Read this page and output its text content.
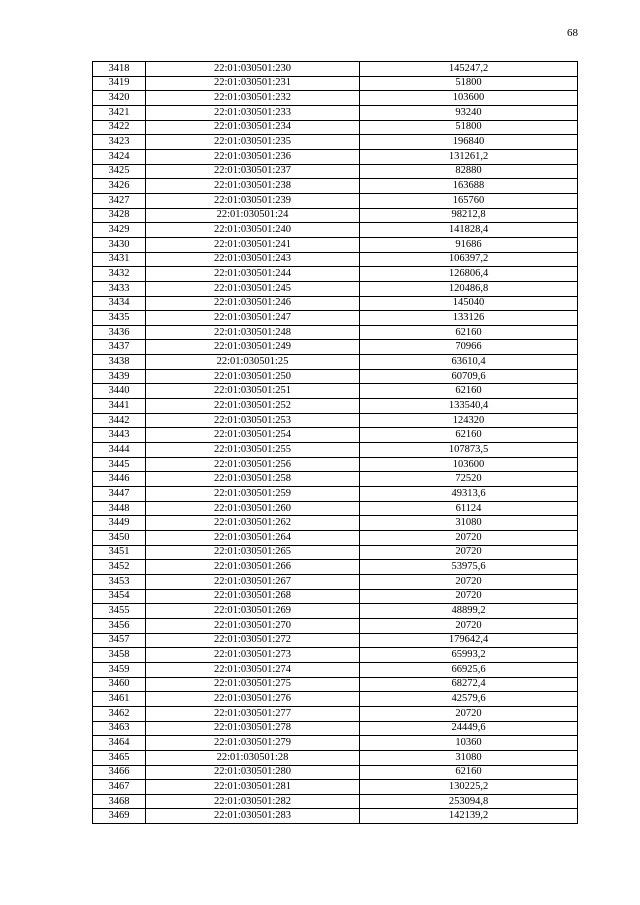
68
3418	22:01:030501:230	145247,2
3419	22:01:030501:231	51800
3420	22:01:030501:232	103600
3421	22:01:030501:233	93240
3422	22:01:030501:234	51800
3423	22:01:030501:235	196840
3424	22:01:030501:236	131261,2
3425	22:01:030501:237	82880
3426	22:01:030501:238	163688
3427	22:01:030501:239	165760
3428	22:01:030501:24	98212,8
3429	22:01:030501:240	141828,4
3430	22:01:030501:241	91686
3431	22:01:030501:243	106397,2
3432	22:01:030501:244	126806,4
3433	22:01:030501:245	120486,8
3434	22:01:030501:246	145040
3435	22:01:030501:247	133126
3436	22:01:030501:248	62160
3437	22:01:030501:249	70966
3438	22:01:030501:25	63610,4
3439	22:01:030501:250	60709,6
3440	22:01:030501:251	62160
3441	22:01:030501:252	133540,4
3442	22:01:030501:253	124320
3443	22:01:030501:254	62160
3444	22:01:030501:255	107873,5
3445	22:01:030501:256	103600
3446	22:01:030501:258	72520
3447	22:01:030501:259	49313,6
3448	22:01:030501:260	61124
3449	22:01:030501:262	31080
3450	22:01:030501:264	20720
3451	22:01:030501:265	20720
3452	22:01:030501:266	53975,6
3453	22:01:030501:267	20720
3454	22:01:030501:268	20720
3455	22:01:030501:269	48899,2
3456	22:01:030501:270	20720
3457	22:01:030501:272	179642,4
3458	22:01:030501:273	65993,2
3459	22:01:030501:274	66925,6
3460	22:01:030501:275	68272,4
3461	22:01:030501:276	42579,6
3462	22:01:030501:277	20720
3463	22:01:030501:278	24449,6
3464	22:01:030501:279	10360
3465	22:01:030501:28	31080
3466	22:01:030501:280	62160
3467	22:01:030501:281	130225,2
3468	22:01:030501:282	253094,8
3469	22:01:030501:283	142139,2
